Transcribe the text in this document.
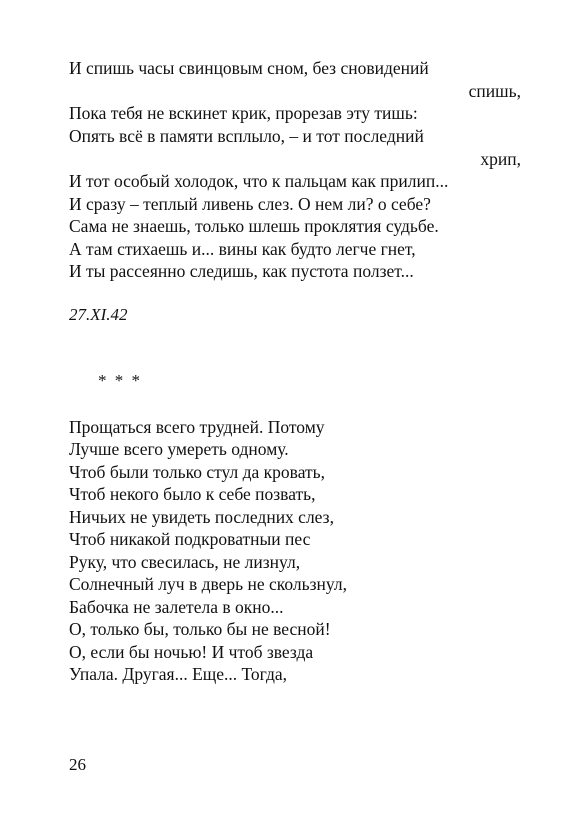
И спишь часы свинцовым сном, без сновидений
спишь,
Пока тебя не вскинет крик, прорезав эту тишь:
Опять всё в памяти всплыло, – и тот последний
хрип,
И тот особый холодок, что к пальцам как прилип...
И сразу – теплый ливень слез. О нем ли? о себе?
Сама не знаешь, только шлешь проклятия судьбе.
А там стихаешь и... вины как будто легче гнет,
И ты рассеянно следишь, как пустота ползет...
27.XI.42
* * *
Прощаться всего трудней. Потому
Лучше всего умереть одному.
Чтоб были только стул да кровать,
Чтоб некого было к себе позвать,
Ничьих не увидеть последних слез,
Чтоб никакой подкроватныи пес
Руку, что свесилась, не лизнул,
Солнечный луч в дверь не скользнул,
Бабочка не залетела в окно...
О, только бы, только бы не весной!
О, если бы ночью! И чтоб звезда
Упала. Другая... Еще... Тогда,
26
